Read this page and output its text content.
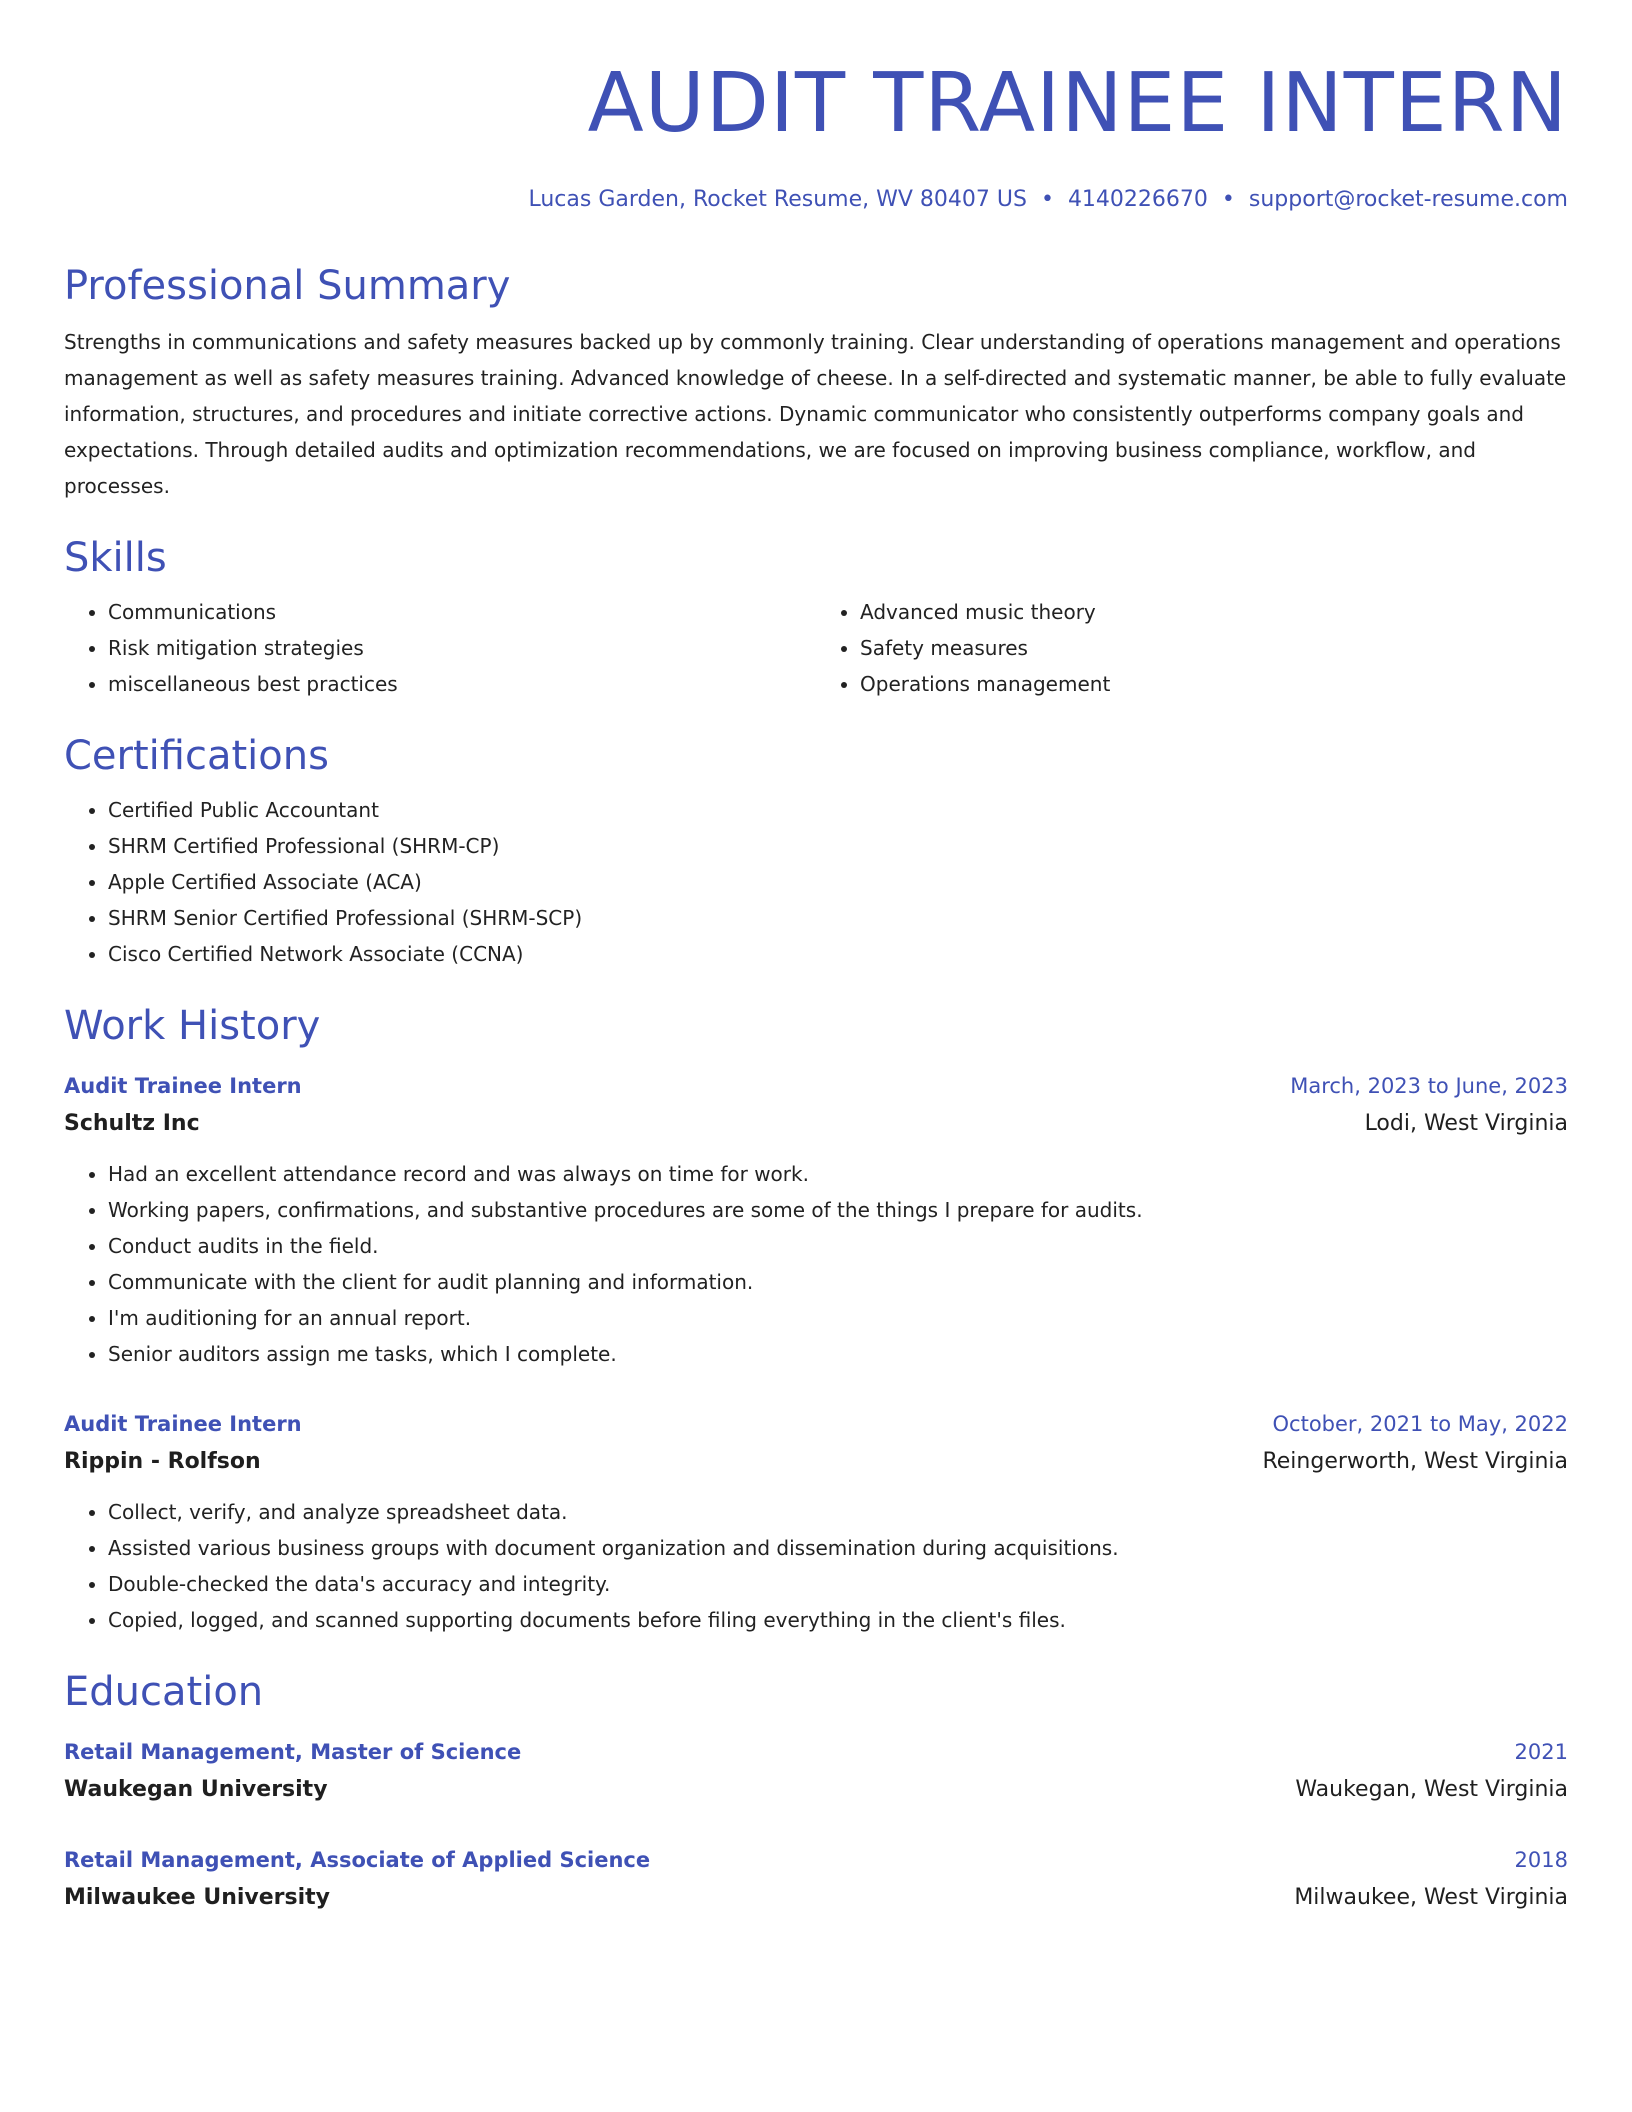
AUDIT TRAINEE INTERN
Lucas Garden, Rocket Resume, WV 80407 US • 4140226670 • support@rocket-resume.com
Professional Summary
Strengths in communications and safety measures backed up by commonly training. Clear understanding of operations management and operations management as well as safety measures training. Advanced knowledge of cheese. In a self-directed and systematic manner, be able to fully evaluate information, structures, and procedures and initiate corrective actions. Dynamic communicator who consistently outperforms company goals and expectations. Through detailed audits and optimization recommendations, we are focused on improving business compliance, workflow, and processes.
Skills
• Communications
• Risk mitigation strategies
• miscellaneous best practices
• Advanced music theory
• Safety measures
• Operations management
Certifications
• Certified Public Accountant
• SHRM Certified Professional (SHRM-CP)
• Apple Certified Associate (ACA)
• SHRM Senior Certified Professional (SHRM-SCP)
• Cisco Certified Network Associate (CCNA)
Work History
Audit Trainee Intern	March, 2023 to June, 2023
Schultz Inc	Lodi, West Virginia
• Had an excellent attendance record and was always on time for work.
• Working papers, confirmations, and substantive procedures are some of the things I prepare for audits.
• Conduct audits in the field.
• Communicate with the client for audit planning and information.
• I'm auditioning for an annual report.
• Senior auditors assign me tasks, which I complete.
Audit Trainee Intern	October, 2021 to May, 2022
Rippin - Rolfson	Reingerworth, West Virginia
• Collect, verify, and analyze spreadsheet data.
• Assisted various business groups with document organization and dissemination during acquisitions.
• Double-checked the data's accuracy and integrity.
• Copied, logged, and scanned supporting documents before filing everything in the client's files.
Education
Retail Management, Master of Science	2021
Waukegan University	Waukegan, West Virginia
Retail Management, Associate of Applied Science	2018
Milwaukee University	Milwaukee, West Virginia
